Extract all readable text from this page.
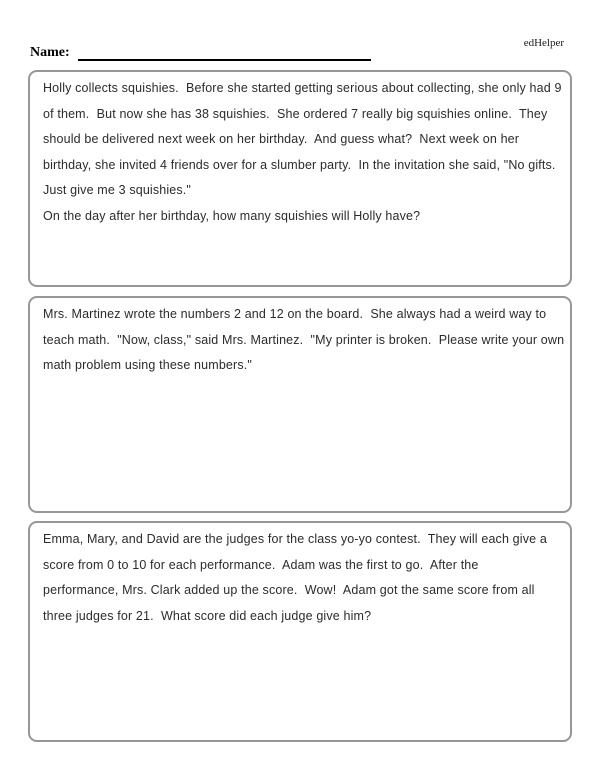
edHelper
Name:
Holly collects squishies.  Before she started getting serious about collecting, she only had 9
of them.  But now she has 38 squishies.  She ordered 7 really big squishies online.  They
should be delivered next week on her birthday.  And guess what?  Next week on her
birthday, she invited 4 friends over for a slumber party.  In the invitation she said, "No gifts.
Just give me 3 squishies."
On the day after her birthday, how many squishies will Holly have?
Mrs. Martinez wrote the numbers 2 and 12 on the board.  She always had a weird way to
teach math.  "Now, class," said Mrs. Martinez.  "My printer is broken.  Please write your own
math problem using these numbers."
Emma, Mary, and David are the judges for the class yo-yo contest.  They will each give a
score from 0 to 10 for each performance.  Adam was the first to go.  After the
performance, Mrs. Clark added up the score.  Wow!  Adam got the same score from all
three judges for 21.  What score did each judge give him?
